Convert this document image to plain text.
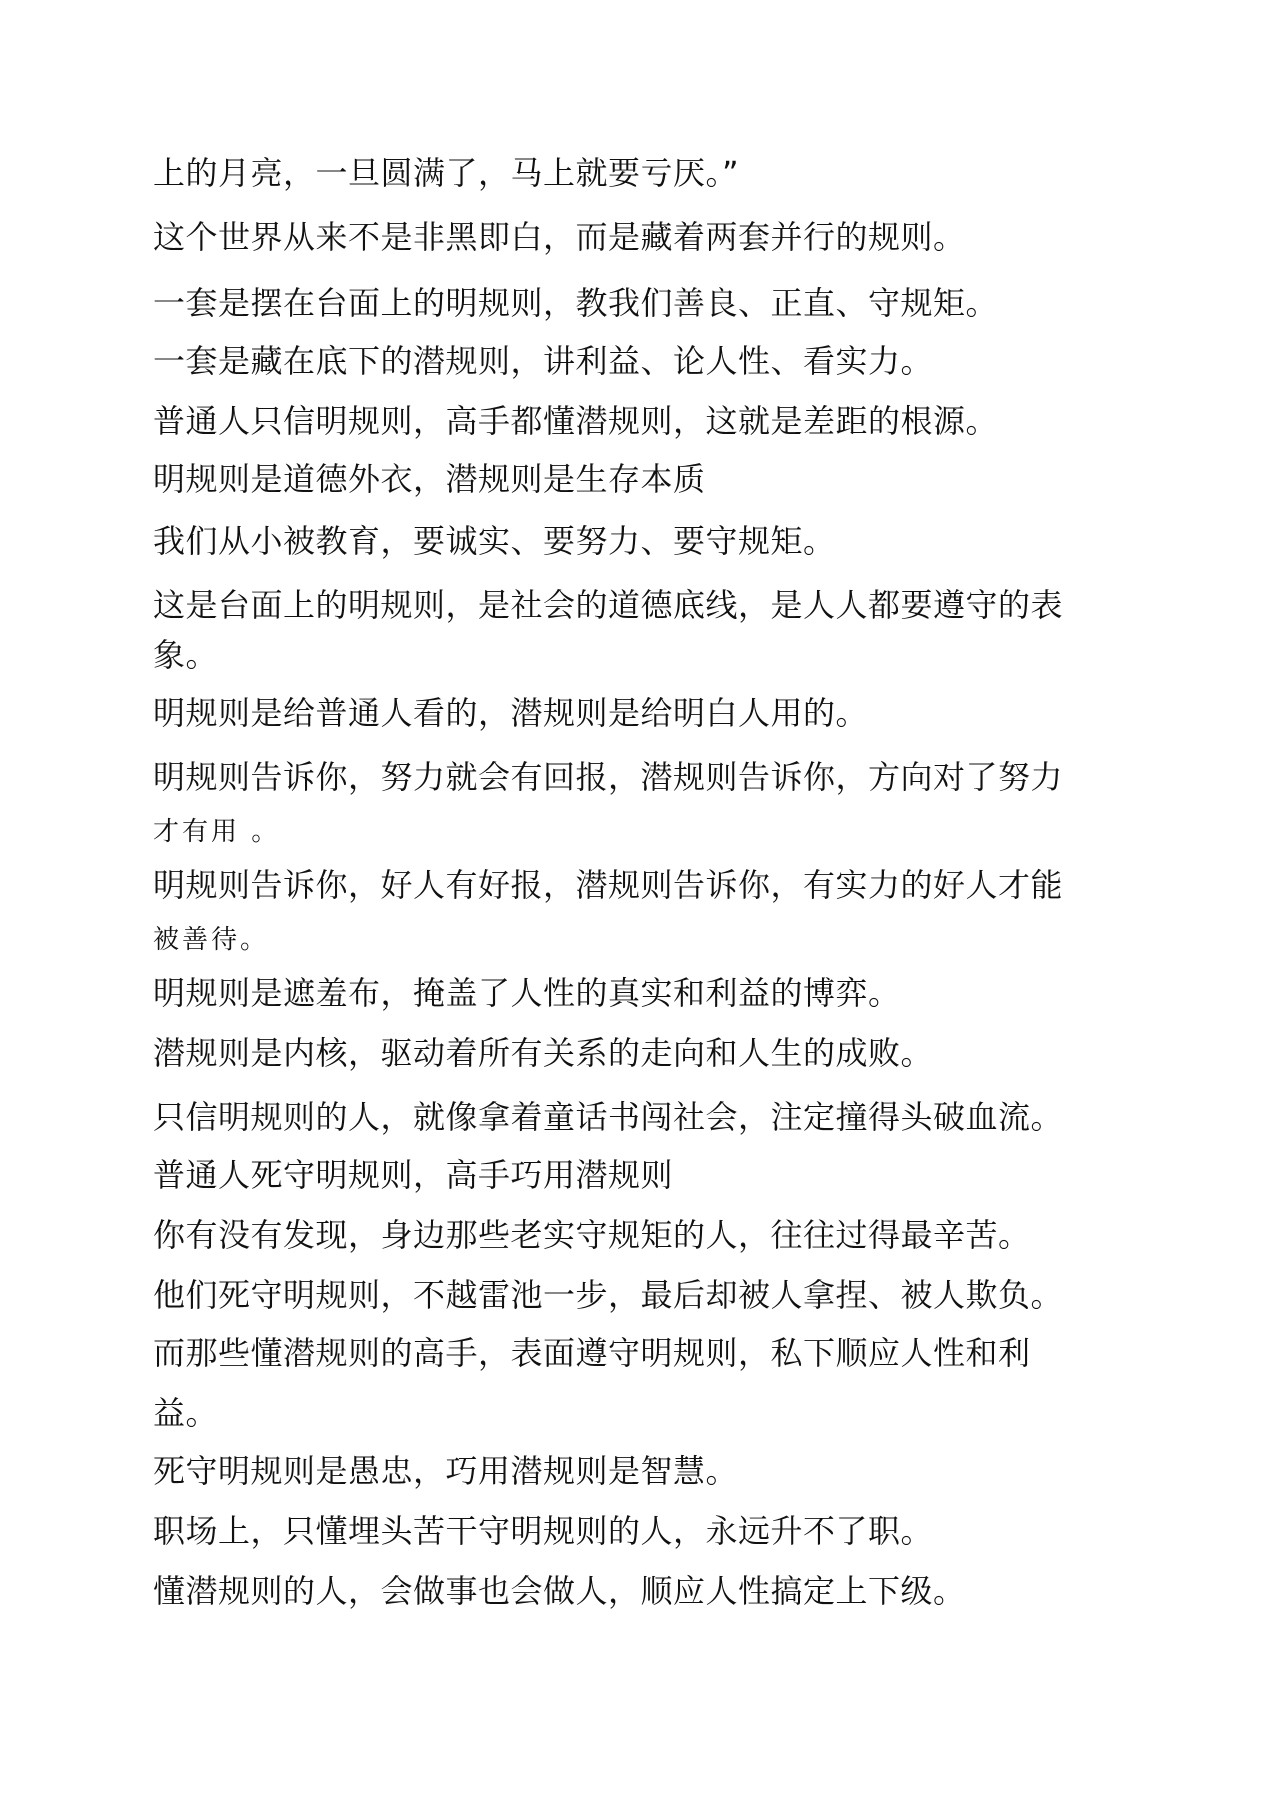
上的月亮，一旦圆满了，马上就要亏厌。”
这个世界从来不是非黑即白，而是藏着两套并行的规则。
一套是摆在台面上的明规则，教我们善良、正直、守规矩。
一套是藏在底下的潜规则，讲利益、论人性、看实力。
普通人只信明规则，高手都懂潜规则，这就是差距的根源。
明规则是道德外衣，潜规则是生存本质
我们从小被教育，要诚实、要努力、要守规矩。
这是台面上的明规则，是社会的道德底线，是人人都要遵守的表
象。
明规则是给普通人看的，潜规则是给明白人用的。
明规则告诉你，努力就会有回报，潜规则告诉你，方向对了努力
才有用 。
明规则告诉你，好人有好报，潜规则告诉你，有实力的好人才能
被善待。
明规则是遮羞布，掩盖了人性的真实和利益的博弈。
潜规则是内核，驱动着所有关系的走向和人生的成败。
只信明规则的人，就像拿着童话书闯社会，注定撞得头破血流。
普通人死守明规则，高手巧用潜规则
你有没有发现，身边那些老实守规矩的人，往往过得最辛苦。
他们死守明规则，不越雷池一步，最后却被人拿捏、被人欺负。
而那些懂潜规则的高手，表面遵守明规则，私下顺应人性和利
益。
死守明规则是愚忠，巧用潜规则是智慧。
职场上，只懂埋头苦干守明规则的人，永远升不了职。
懂潜规则的人，会做事也会做人，顺应人性搞定上下级。
